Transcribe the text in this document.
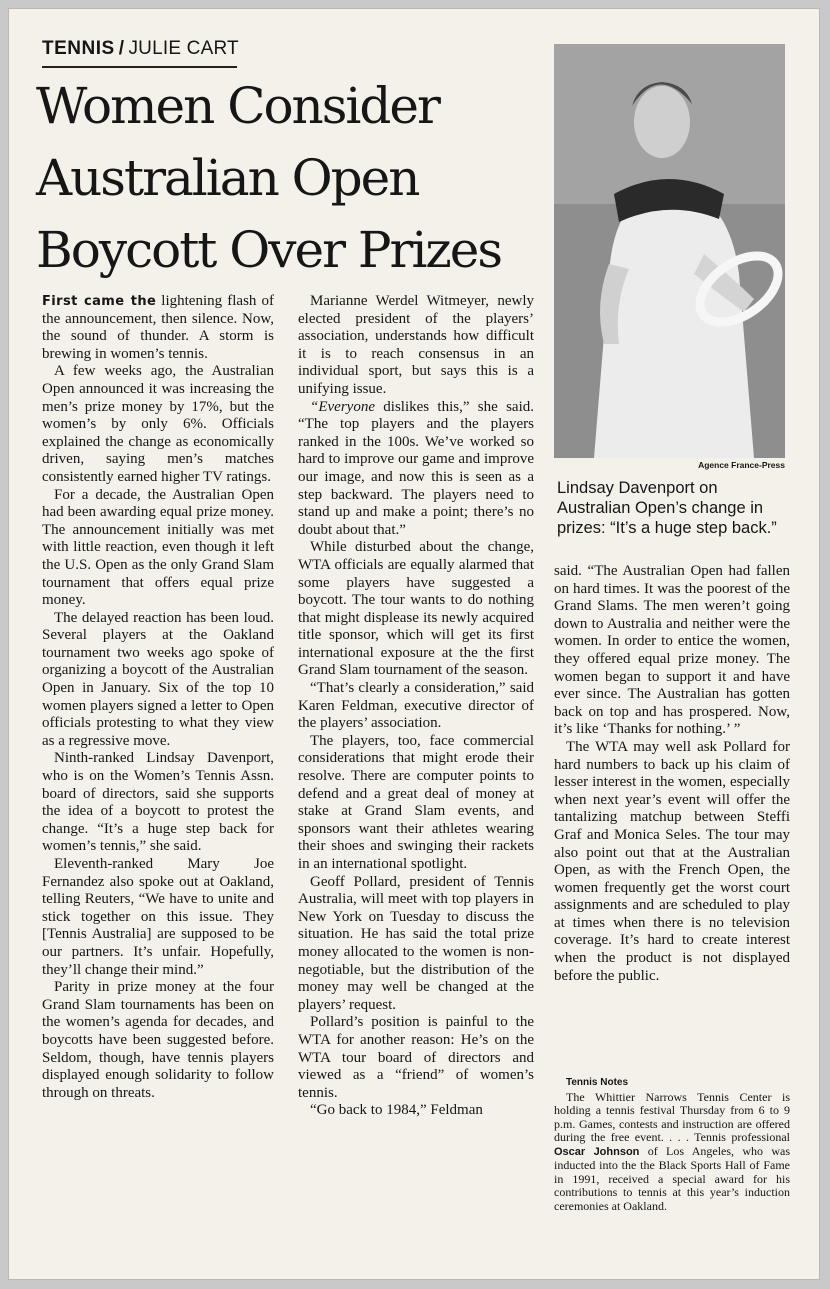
TENNIS / JULIE CART
Women Consider
Australian Open
Boycott Over Prizes

First came the lightening flash of the announcement, then silence. Now, the sound of thunder. A storm is brewing in women’s tennis.

A few weeks ago, the Australian Open announced it was increasing the men’s prize money by 17%, but the women’s by only 6%. Officials explained the change as economically driven, saying men’s matches consistently earned higher TV ratings.

For a decade, the Australian Open had been awarding equal prize money. The announcement initially was met with little reaction, even though it left the U.S. Open as the only Grand Slam tournament that offers equal prize money.

The delayed reaction has been loud. Several players at the Oakland tournament two weeks ago spoke of organizing a boycott of the Australian Open in January. Six of the top 10 women players signed a letter to Open officials protesting to what they view as a regressive move.

Ninth-ranked Lindsay Davenport, who is on the Women’s Tennis Assn. board of directors, said she supports the idea of a boycott to protest the change. “It’s a huge step back for women’s tennis,” she said.

Eleventh-ranked Mary Joe Fernandez also spoke out at Oakland, telling Reuters, “We have to unite and stick together on this issue. They [Tennis Australia] are supposed to be our partners. It’s unfair. Hopefully, they’ll change their mind.”

Parity in prize money at the four Grand Slam tournaments has been on the women’s agenda for decades, and boycotts have been suggested before. Seldom, though, have tennis players displayed enough solidarity to follow through on threats.

Marianne Werdel Witmeyer, newly elected president of the players’ association, understands how difficult it is to reach consensus in an individual sport, but says this is a unifying issue.

“Everyone dislikes this,” she said. “The top players and the players ranked in the 100s. We’ve worked so hard to improve our game and improve our image, and now this is seen as a step backward. The players need to stand up and make a point; there’s no doubt about that.”

While disturbed about the change, WTA officials are equally alarmed that some players have suggested a boycott. The tour wants to do nothing that might displease its newly acquired title sponsor, which will get its first international exposure at the the first Grand Slam tournament of the season.

“That’s clearly a consideration,” said Karen Feldman, executive director of the players’ association.

The players, too, face commercial considerations that might erode their resolve. There are computer points to defend and a great deal of money at stake at Grand Slam events, and sponsors want their athletes wearing their shoes and swinging their rackets in an international spotlight.

Geoff Pollard, president of Tennis Australia, will meet with top players in New York on Tuesday to discuss the situation. He has said the total prize money allocated to the women is non-negotiable, but the distribution of the money may well be changed at the players’ request.

Pollard’s position is painful to the WTA for another reason: He’s on the WTA tour board of directors and viewed as a “friend” of women’s tennis.

“Go back to 1984,” Feldman

Agence France-Press
Lindsay Davenport on Australian Open’s change in prizes: “It’s a huge step back.”

said. “The Australian Open had fallen on hard times. It was the poorest of the Grand Slams. The men weren’t going down to Australia and neither were the women. In order to entice the women, they offered equal prize money. The women began to support it and have ever since. The Australian has gotten back on top and has prospered. Now, it’s like ‘Thanks for nothing.’ ”

The WTA may well ask Pollard for hard numbers to back up his claim of lesser interest in the women, especially when next year’s event will offer the tantalizing matchup between Steffi Graf and Monica Seles. The tour may also point out that at the Australian Open, as with the French Open, the women frequently get the worst court assignments and are scheduled to play at times when there is no television coverage. It’s hard to create interest when the product is not displayed before the public.

Tennis Notes

The Whittier Narrows Tennis Center is holding a tennis festival Thursday from 6 to 9 p.m. Games, contests and instruction are offered during the free event. . . . Tennis professional Oscar Johnson of Los Angeles, who was inducted into the the Black Sports Hall of Fame in 1991, received a special award for his contributions to tennis at this year’s induction ceremonies at Oakland.
